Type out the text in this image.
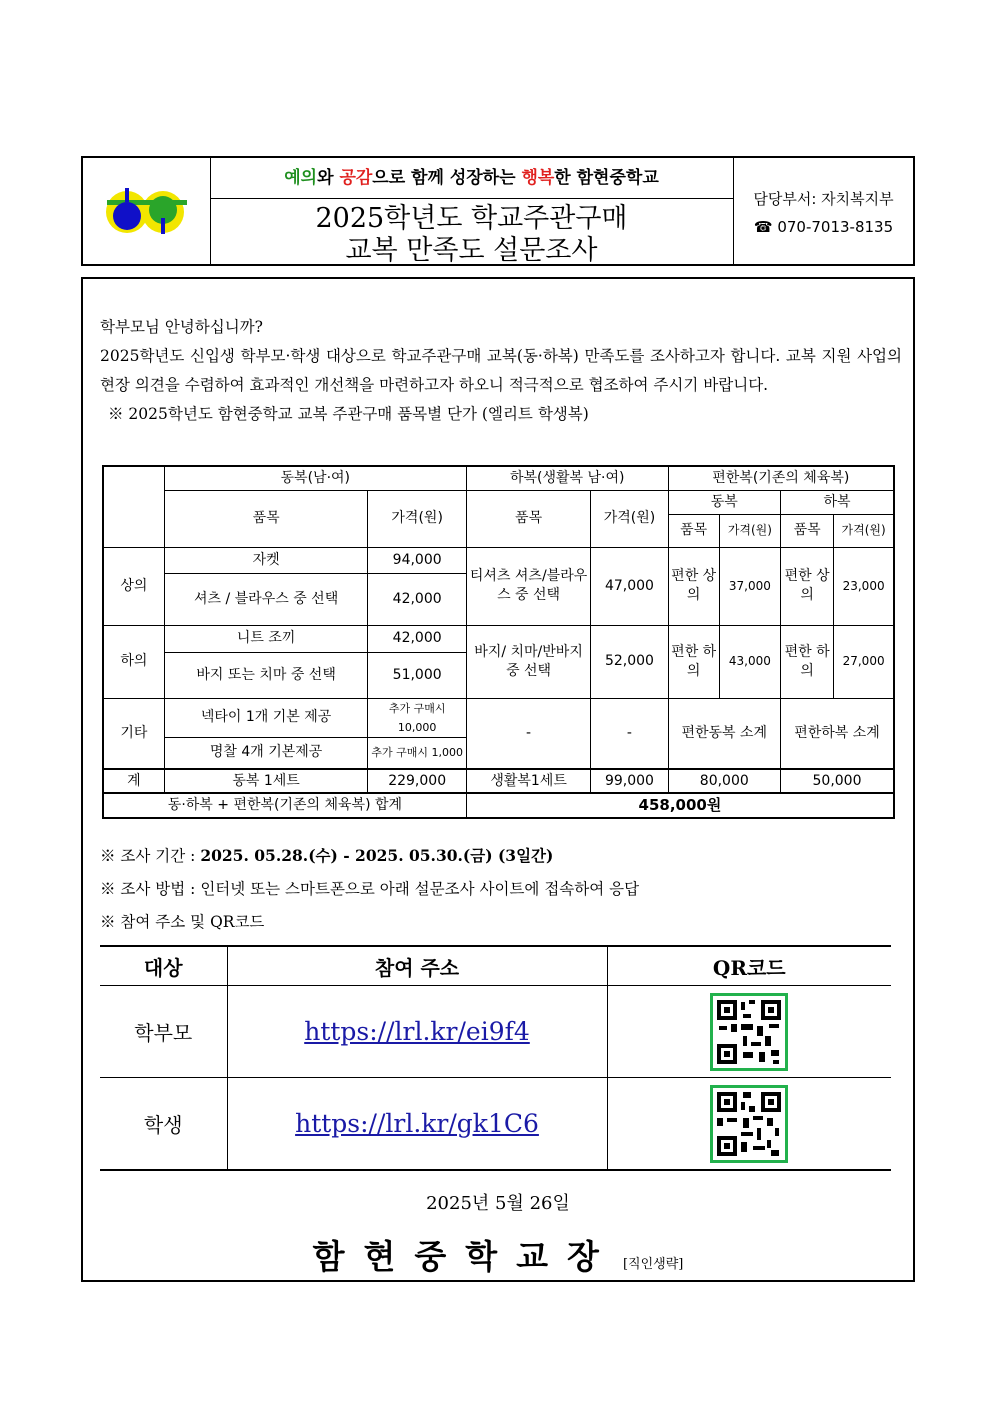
예의와 공감으로 함께 성장하는 행복한 함현중학교
2025학년도 학교주관구매
교복 만족도 설문조사
담당부서: 자치복지부
☎ 070-7013-8135
학부모님 안녕하십니까?
2025학년도 신입생 학부모·학생 대상으로 학교주관구매 교복(동·하복) 만족도를 조사하고자 합니다. 교복 지원 사업의 현장 의견을 수렴하여 효과적인 개선책을 마련하고자 하오니 적극적으로 협조하여 주시기 바랍니다.
※ 2025학년도 함현중학교 교복 주관구매 품목별 단가 (엘리트 학생복)
	동복(남·여)		하복(생활복 남·여)		편한복(기존의 체육복)			
	품목	가격(원)	품목	가격(원)	동복		하복	
					품목	가격(원)	품목	가격(원)
상의	자켓	94,000	티셔츠 셔츠/블라우스 중 선택	47,000	편한 상의	37,000	편한 상의	23,000
	셔츠 / 블라우스 중 선택	42,000						
하의	니트 조끼	42,000	바지/ 치마/반바지 중 선택	52,000	편한 하의	43,000	편한 하의	27,000
	바지 또는 치마 중 선택	51,000						
기타	넥타이 1개 기본 제공	추가 구매시 10,000	-	-	편한동복 소계		편한하복 소계	
	명찰 4개 기본제공	추가 구매시 1,000						
계	동복 1세트	229,000	생활복1세트	99,000	80,000		50,000	
동·하복 + 편한복(기존의 체육복) 합계			458,000원					
※ 조사 기간 : 2025. 05.28.(수) - 2025. 05.30.(금) (3일간)
※ 조사 방법 : 인터넷 또는 스마트폰으로 아래 설문조사 사이트에 접속하여 응답
※ 참여 주소 및 QR코드
대상	참여 주소	QR코드
학부모	https://lrl.kr/ei9f4	
학생	https://lrl.kr/gk1C6	
2025년 5월 26일
함현중학교장 [직인생략]
